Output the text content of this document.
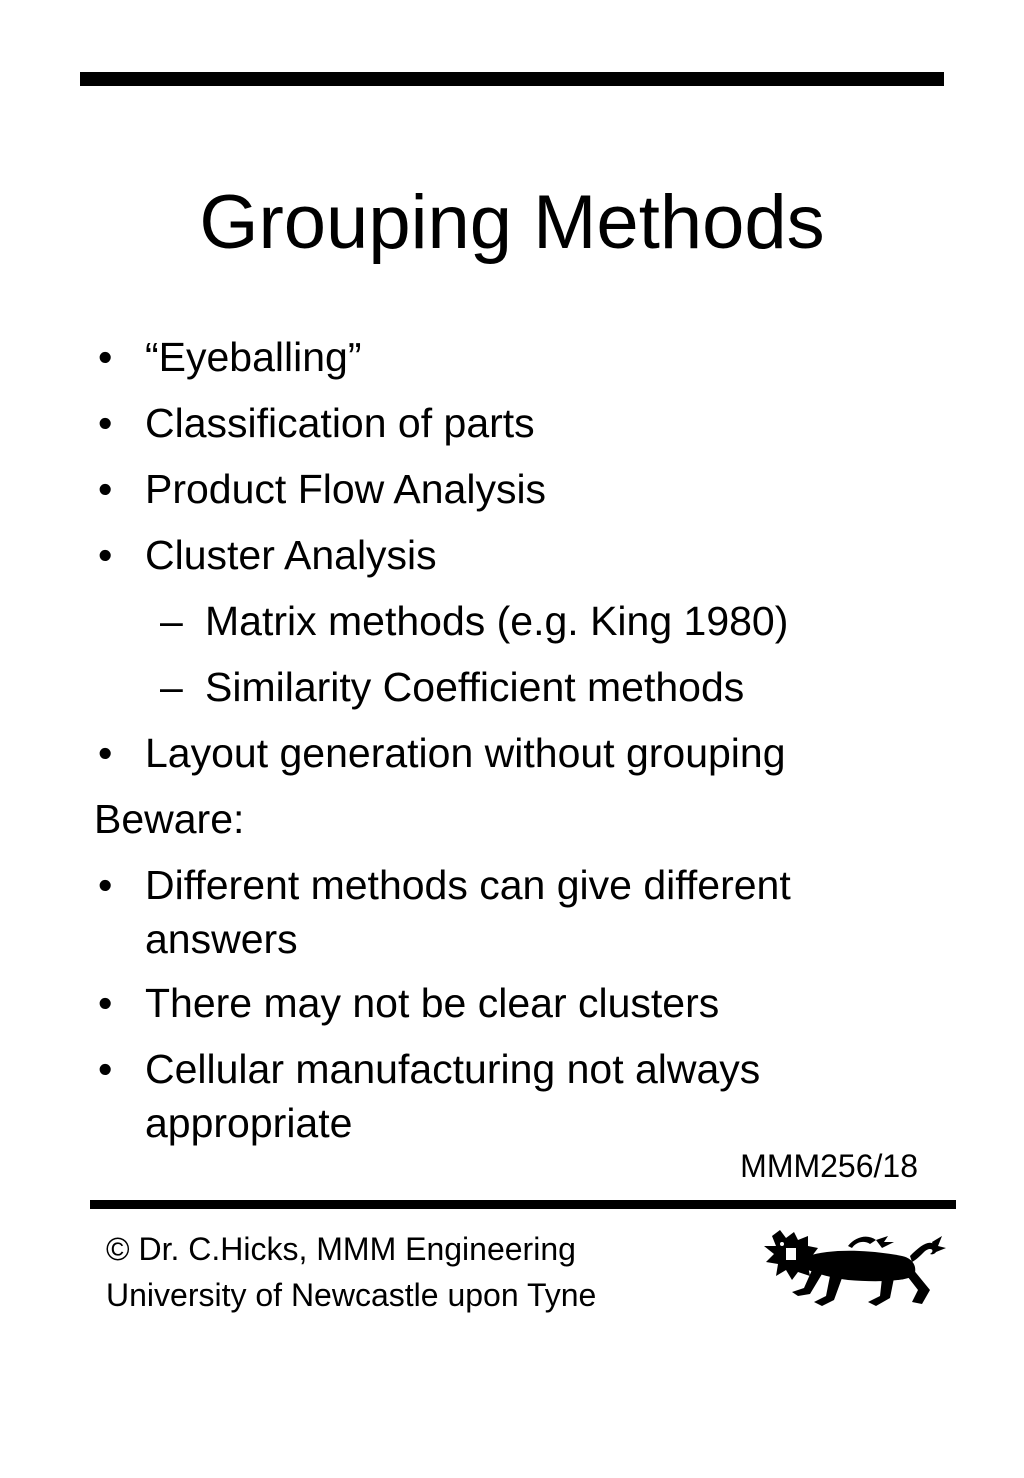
Grouping Methods
• “Eyeballing”
• Classification of parts
• Product Flow Analysis
• Cluster Analysis
– Matrix methods (e.g. King 1980)
– Similarity Coefficient methods
• Layout generation without grouping
Beware:
• Different methods can give different
answers
• There may not be clear clusters
• Cellular manufacturing not always
appropriate
MMM256/18
© Dr. C.Hicks, MMM Engineering
University of Newcastle upon Tyne
